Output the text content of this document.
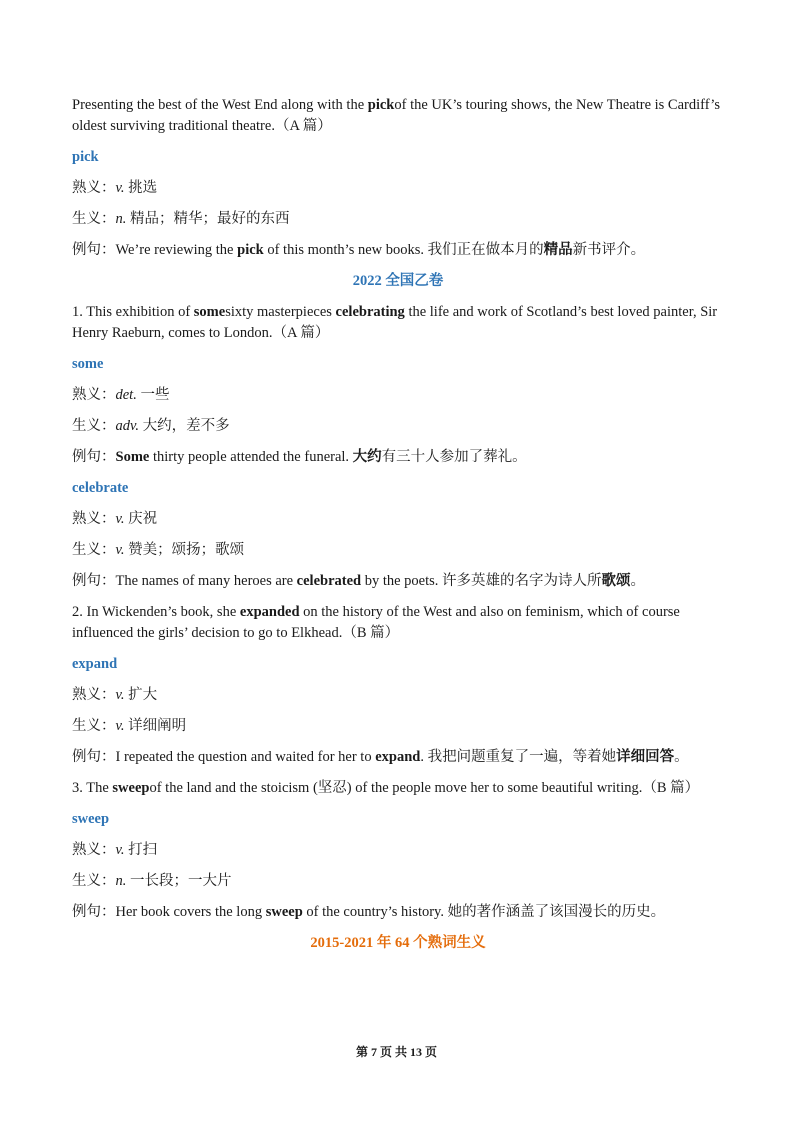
Presenting the best of the West End along with the pickof the UK’s touring shows, the New Theatre is Cardiff’s oldest surviving traditional theatre.（A 篇）

pick

熟义：v. 挑选

生义：n. 精品；精华；最好的东西

例句：We’re reviewing the pick of this month’s new books. 我们正在做本月的精品新书评介。

2022 全国乙卷

1. This exhibition of somesixty masterpieces celebrating the life and work of Scotland’s best loved painter, Sir Henry Raeburn, comes to London.（A 篇）

some

熟义：det. 一些

生义：adv. 大约，差不多

例句：Some thirty people attended the funeral. 大约有三十人参加了葬礼。

celebrate

熟义：v. 庆祝

生义：v. 赞美；颂扬；歌颂

例句：The names of many heroes are celebrated by the poets. 许多英雄的名字为诗人所歌颂。

2. In Wickenden’s book, she expanded on the history of the West and also on feminism, which of course influenced the girls’ decision to go to Elkhead.（B 篇）

expand

熟义：v. 扩大

生义：v. 详细阐明

例句：I repeated the question and waited for her to expand. 我把问题重复了一遍，等着她详细回答。

3. The sweepof the land and the stoicism (坚忍) of the people move her to some beautiful writing.（B 篇）

sweep

熟义：v. 打扫

生义：n. 一长段；一大片

例句：Her book covers the long sweep of the country’s history. 她的著作涵盖了该国漫长的历史。

2015-2021 年 64 个熟词生义

第 7 页 共 13 页
